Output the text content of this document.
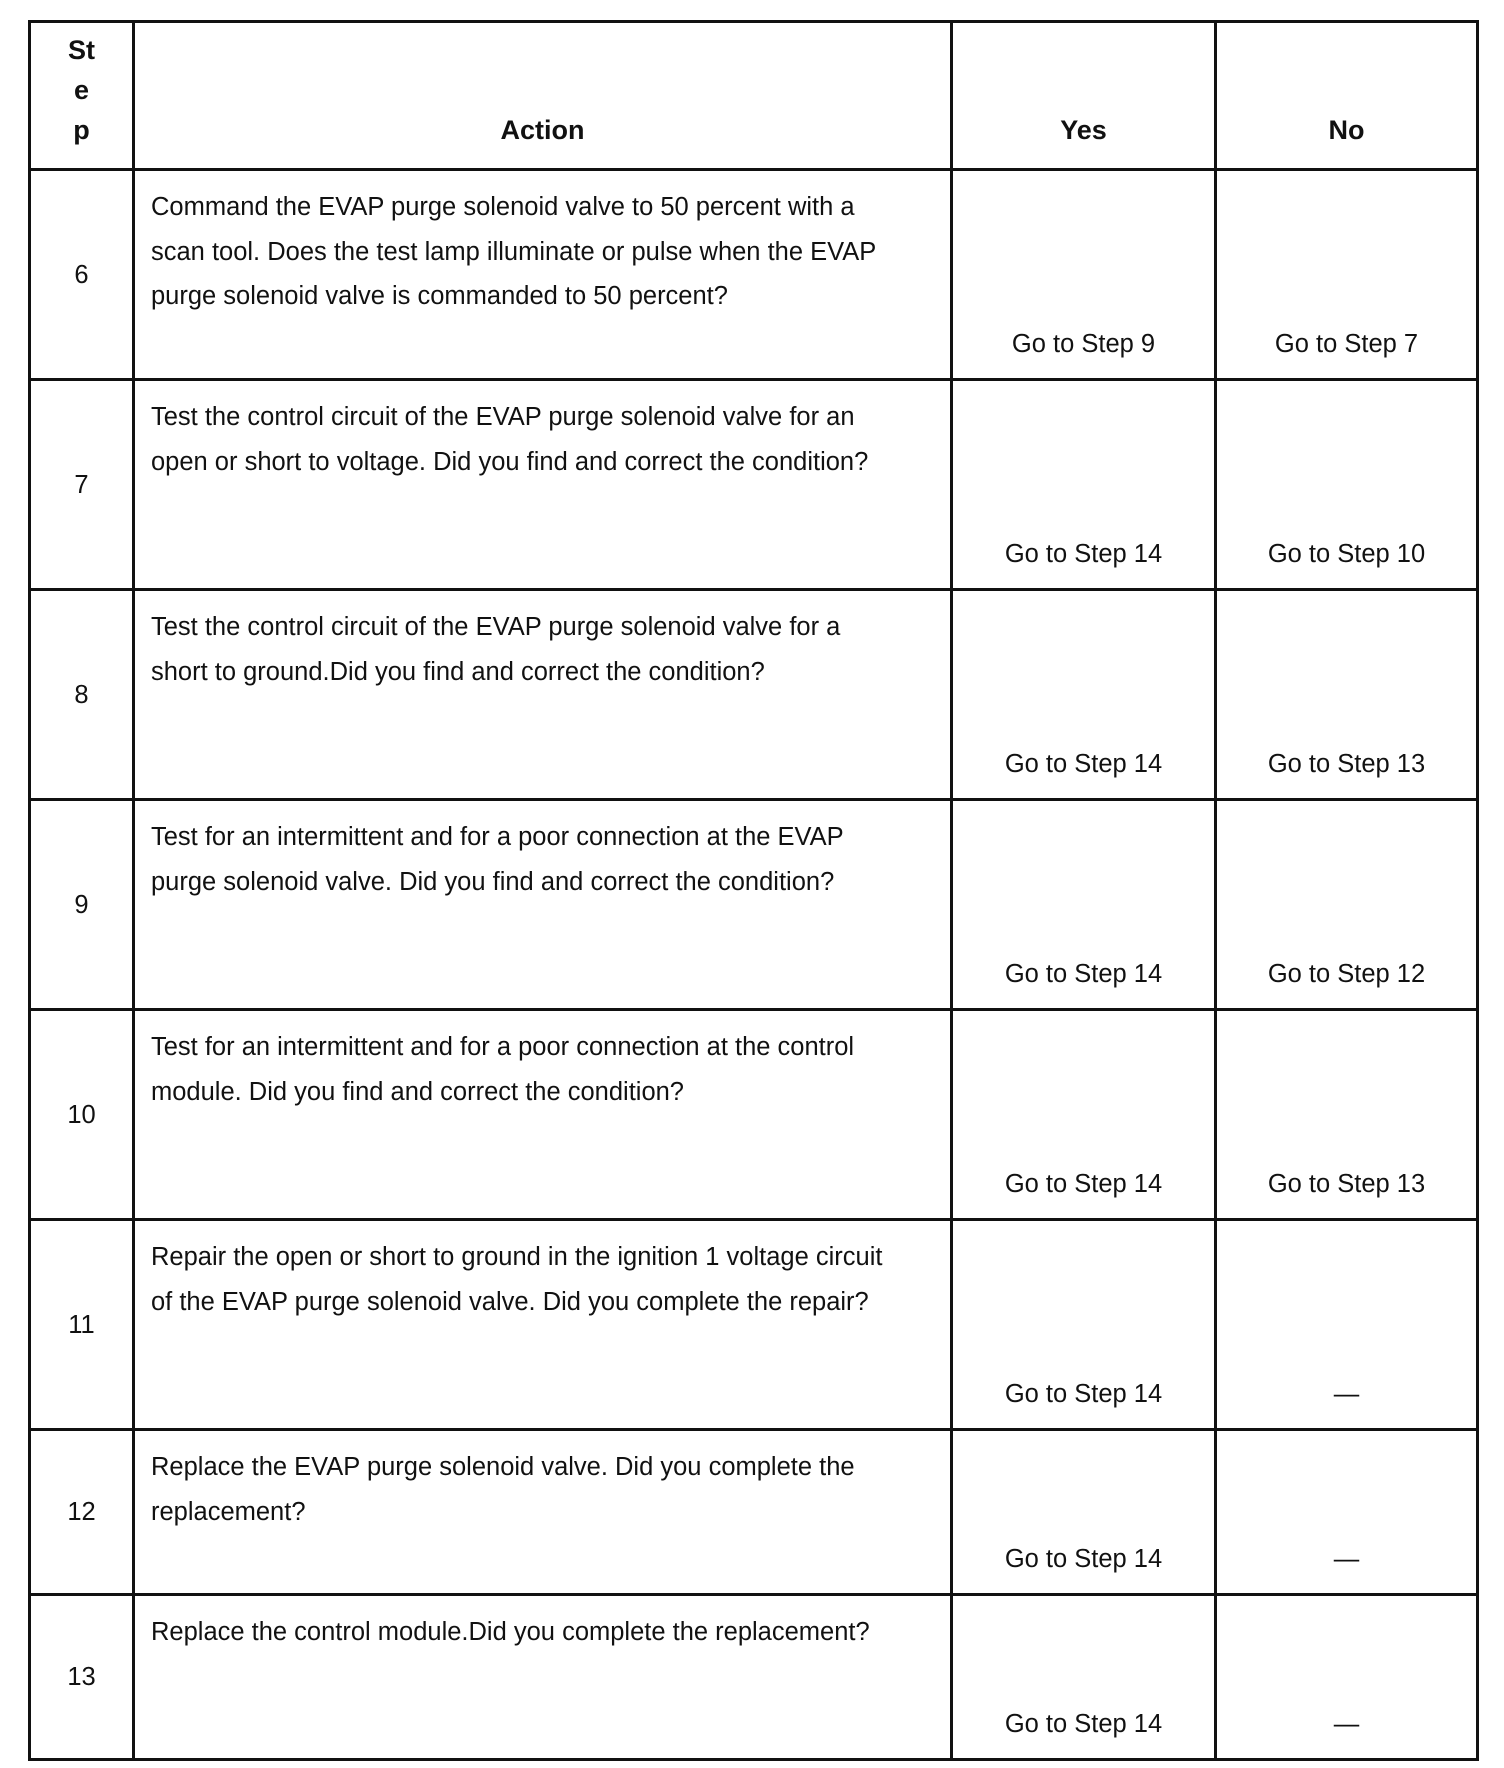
Step	Action	Yes	No

6	Command the EVAP purge solenoid valve to 50 percent with a scan tool. Does the test lamp illuminate or pulse when the EVAP purge solenoid valve is commanded to 50 percent?	Go to Step 9	Go to Step 7

7	Test the control circuit of the EVAP purge solenoid valve for an open or short to voltage. Did you find and correct the condition?	Go to Step 14	Go to Step 10

8	Test the control circuit of the EVAP purge solenoid valve for a short to ground.Did you find and correct the condition?	Go to Step 14	Go to Step 13

9	Test for an intermittent and for a poor connection at the EVAP purge solenoid valve. Did you find and correct the condition?	Go to Step 14	Go to Step 12

10	Test for an intermittent and for a poor connection at the control module. Did you find and correct the condition?	Go to Step 14	Go to Step 13

11	Repair the open or short to ground in the ignition 1 voltage circuit of the EVAP purge solenoid valve. Did you complete the repair?	Go to Step 14	—

12	Replace the EVAP purge solenoid valve. Did you complete the replacement?	Go to Step 14	—

13	Replace the control module.Did you complete the replacement?	Go to Step 14	—
